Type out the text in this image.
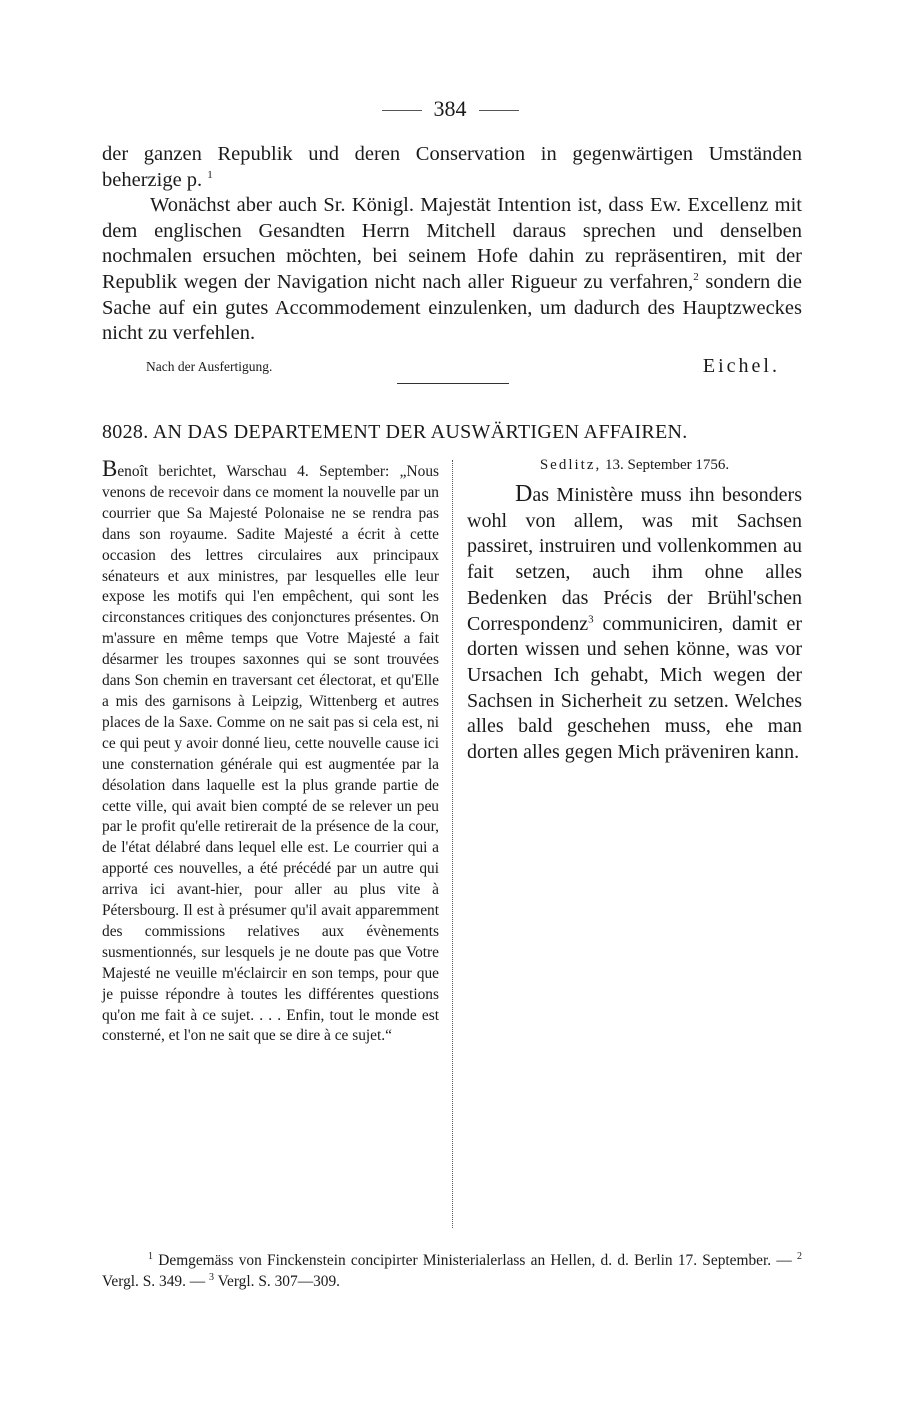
384

der ganzen Republik und deren Conservation in gegenwärtigen Umständen beherzige p. $^1$

Wonächst aber auch Sr. Königl. Majestät Intention ist, dass Ew. Excellenz mit dem englischen Gesandten Herrn Mitchell daraus sprechen und denselben nochmalen ersuchen möchten, bei seinem Hofe dahin zu repräsentiren, mit der Republik wegen der Navigation nicht nach aller Rigueur zu verfahren,$^2$ sondern die Sache auf ein gutes Accommodement einzulenken, um dadurch des Hauptzweckes nicht zu verfehlen.

Nach der Ausfertigung.	Eichel.
8028. AN DAS DEPARTEMENT DER AUSWÄRTIGEN AFFAIREN.
Benoît berichtet, Warschau 4. September: „Nous venons de recevoir dans ce moment la nouvelle par un courrier que Sa Majesté Polonaise ne se rendra pas dans son royaume. Sadite Majesté a écrit à cette occasion des lettres circulaires aux principaux sénateurs et aux ministres, par lesquelles elle leur expose les motifs qui l'en empêchent, qui sont les circonstances critiques des conjonctures présentes. On m'assure en même temps que Votre Majesté a fait désarmer les troupes saxonnes qui se sont trouvées dans Son chemin en traversant cet électorat, et qu'Elle a mis des garnisons à Leipzig, Wittenberg et autres places de la Saxe. Comme on ne sait pas si cela est, ni ce qui peut y avoir donné lieu, cette nouvelle cause ici une consternation générale qui est augmentée par la désolation dans laquelle est la plus grande partie de cette ville, qui avait bien compté de se relever un peu par le profit qu'elle retirerait de la présence de la cour, de l'état délabré dans lequel elle est. Le courrier qui a apporté ces nouvelles, a été précédé par un autre qui arriva ici avant-hier, pour aller au plus vite à Pétersbourg. Il est à présumer qu'il avait apparemment des commissions relatives aux évènements susmentionnés, sur lesquels je ne doute pas que Votre Majesté ne veuille m'éclaircir en son temps, pour que je puisse répondre à toutes les différentes questions qu'on me fait à ce sujet. . . . Enfin, tout le monde est consterné, et l'on ne sait que se dire à ce sujet.“
Sedlitz, 13. September 1756.
Das Ministère muss ihn besonders wohl von allem, was mit Sachsen passiret, instruiren und vollenkommen au fait setzen, auch ihm ohne alles Bedenken das Précis der Brühl'schen Correspondenz$^3$ communiciren, damit er dorten wissen und sehen könne, was vor Ursachen Ich gehabt, Mich wegen der Sachsen in Sicherheit zu setzen. Welches alles bald geschehen muss, ehe man dorten alles gegen Mich präveniren kann.
$^1$ Demgemäss von Finckenstein concipirter Ministerialerlass an Hellen, d. d. Berlin 17. September. — $^2$ Vergl. S. 349. — $^3$ Vergl. S. 307—309.
